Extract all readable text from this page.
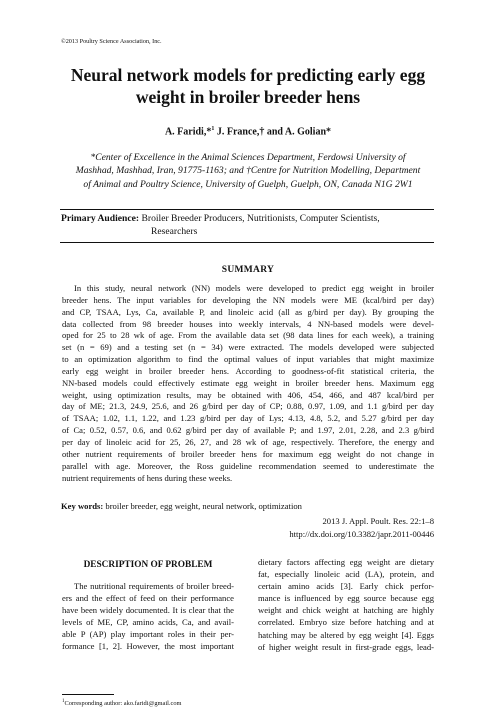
©2013 Poultry Science Association, Inc.
Neural network models for predicting early egg
weight in broiler breeder hens
A. Faridi,*$^1$ J. France,† and A. Golian*
*Center of Excellence in the Animal Sciences Department, Ferdowsi University of
Mashhad, Mashhad, Iran, 91775-1163; and †Centre for Nutrition Modelling, Department
of Animal and Poultry Science, University of Guelph, Guelph, ON, Canada N1G 2W1
Primary Audience: Broiler Breeder Producers, Nutritionists, Computer Scientists,
Researchers
SUMMARY
In this study, neural network (NN) models were developed to predict egg weight in broiler
breeder hens. The input variables for developing the NN models were ME (kcal/bird per day)
and CP, TSAA, Lys, Ca, available P, and linoleic acid (all as g/bird per day). By grouping the
data collected from 98 breeder houses into weekly intervals, 4 NN-based models were devel-
oped for 25 to 28 wk of age. From the available data set (98 data lines for each week), a training
set (n = 69) and a testing set (n = 34) were extracted. The models developed were subjected
to an optimization algorithm to find the optimal values of input variables that might maximize
early egg weight in broiler breeder hens. According to goodness-of-fit statistical criteria, the
NN-based models could effectively estimate egg weight in broiler breeder hens. Maximum egg
weight, using optimization results, may be obtained with 406, 454, 466, and 487 kcal/bird per
day of ME; 21.3, 24.9, 25.6, and 26 g/bird per day of CP; 0.88, 0.97, 1.09, and 1.1 g/bird per day
of TSAA; 1.02, 1.1, 1.22, and 1.23 g/bird per day of Lys; 4.13, 4.8, 5.2, and 5.27 g/bird per day
of Ca; 0.52, 0.57, 0.6, and 0.62 g/bird per day of available P; and 1.97, 2.01, 2.28, and 2.3 g/bird
per day of linoleic acid for 25, 26, 27, and 28 wk of age, respectively. Therefore, the energy and
other nutrient requirements of broiler breeder hens for maximum egg weight do not change in
parallel with age. Moreover, the Ross guideline recommendation seemed to underestimate the
nutrient requirements of hens during these weeks.
Key words: broiler breeder, egg weight, neural network, optimization
2013 J. Appl. Poult. Res. 22:1–8
http://dx.doi.org/10.3382/japr.2011-00446
DESCRIPTION OF PROBLEM
The nutritional requirements of broiler breed-
ers and the effect of feed on their performance
have been widely documented. It is clear that the
levels of ME, CP, amino acids, Ca, and avail-
able P (AP) play important roles in their per-
formance [1, 2]. However, the most important
dietary factors affecting egg weight are dietary
fat, especially linoleic acid (LA), protein, and
certain amino acids [3]. Early chick perfor-
mance is influenced by egg source because egg
weight and chick weight at hatching are highly
correlated. Embryo size before hatching and at
hatching may be altered by egg weight [4]. Eggs
of higher weight result in first-grade eggs, lead-
$^1$Corresponding author: ako.faridi@gmail.com
